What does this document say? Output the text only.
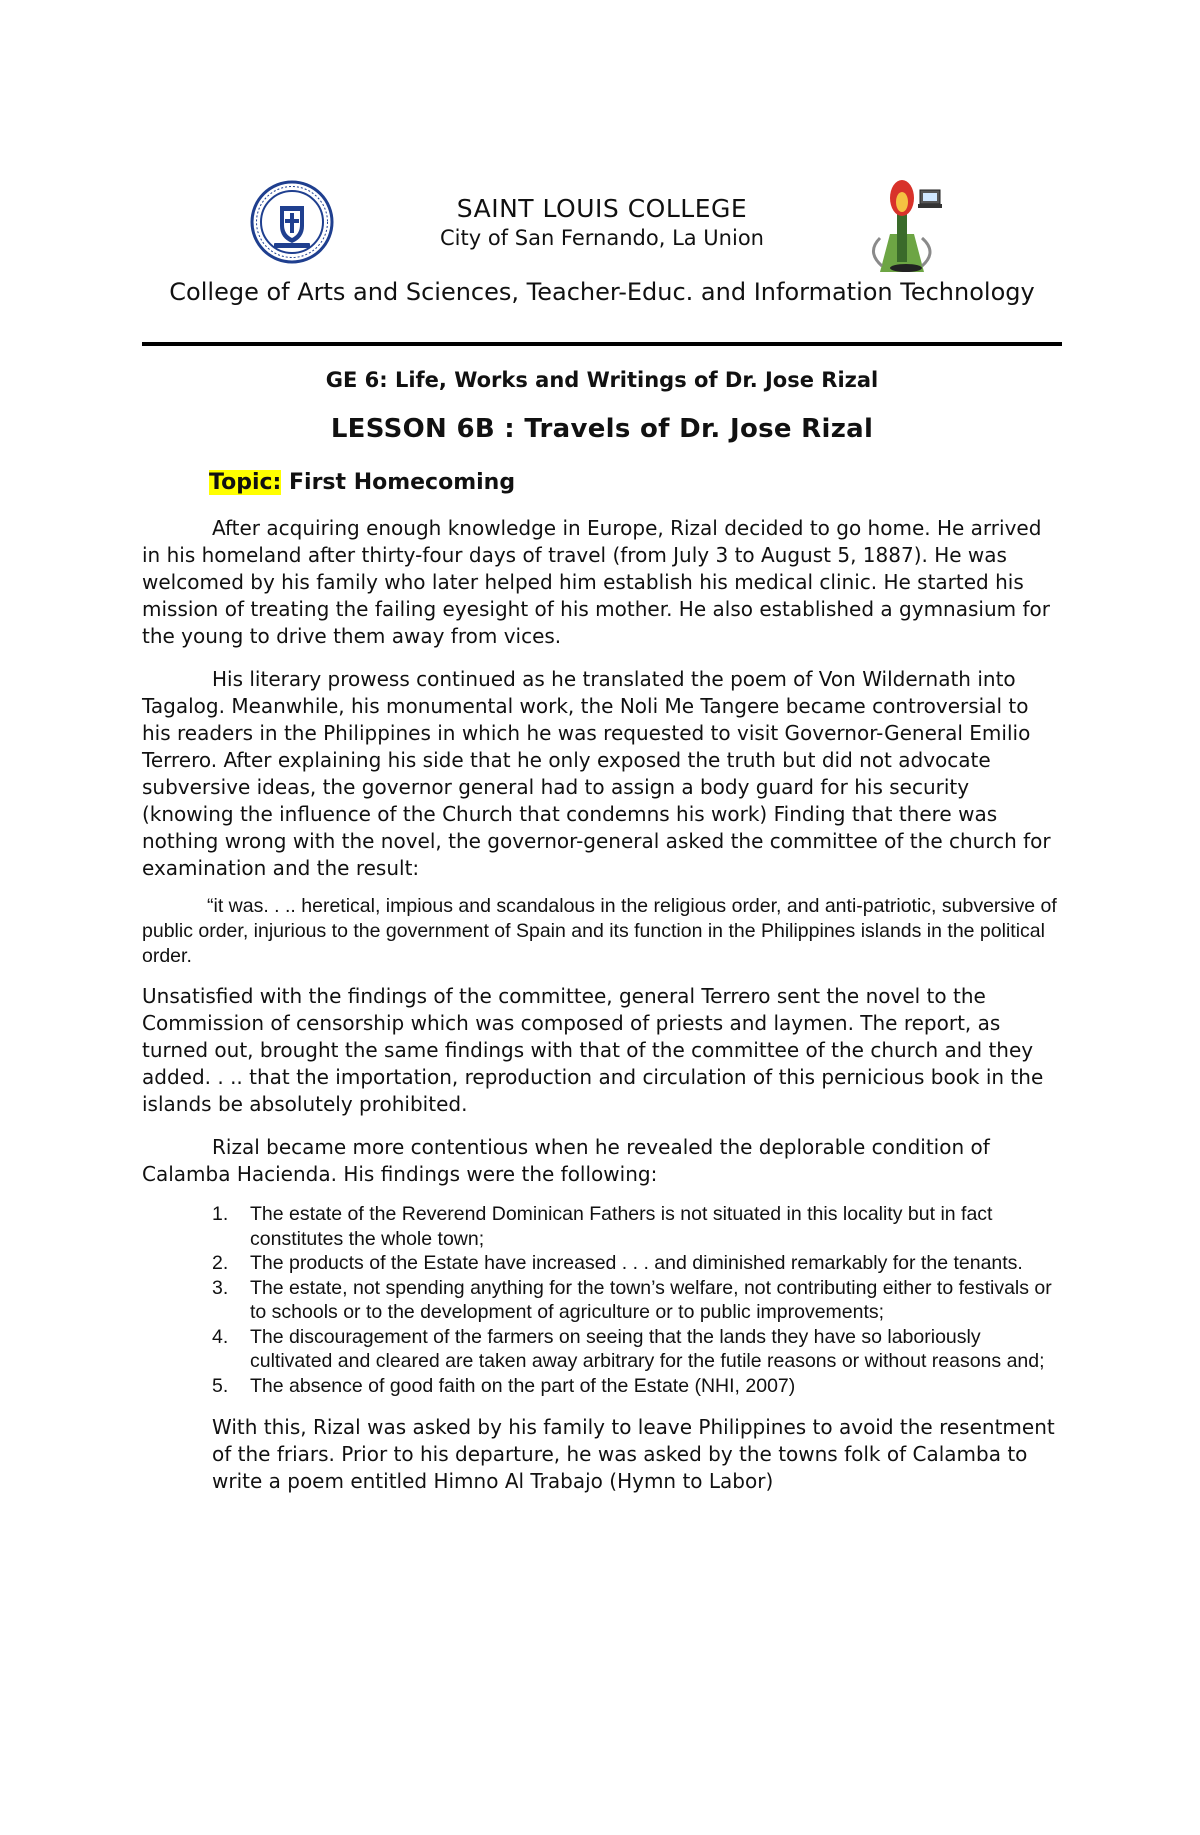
SAINT LOUIS COLLEGE
City of San Fernando, La Union
College of Arts and Sciences, Teacher-Educ. and Information Technology
GE 6: Life, Works and Writings of Dr. Jose Rizal
LESSON 6B : Travels of Dr. Jose Rizal
Topic: First Homecoming

After acquiring enough knowledge in Europe, Rizal decided to go home. He arrived in his homeland after thirty-four days of travel (from July 3 to August 5, 1887). He was welcomed by his family who later helped him establish his medical clinic. He started his mission of treating the failing eyesight of his mother. He also established a gymnasium for the young to drive them away from vices.

His literary prowess continued as he translated the poem of Von Wildernath into Tagalog. Meanwhile, his monumental work, the Noli Me Tangere became controversial to his readers in the Philippines in which he was requested to visit Governor-General Emilio Terrero. After explaining his side that he only exposed the truth but did not advocate subversive ideas, the governor general had to assign a body guard for his security (knowing the influence of the Church that condemns his work) Finding that there was nothing wrong with the novel, the governor-general asked the committee of the church for examination and the result:

“it was. . .. heretical, impious and scandalous in the religious order, and anti-patriotic, subversive of public order, injurious to the government of Spain and its function in the Philippines islands in the political order.

Unsatisfied with the findings of the committee, general Terrero sent the novel to the Commission of censorship which was composed of priests and laymen. The report, as turned out, brought the same findings with that of the committee of the church and they added. . .. that the importation, reproduction and circulation of this pernicious book in the islands be absolutely prohibited.

Rizal became more contentious when he revealed the deplorable condition of Calamba Hacienda. His findings were the following:

1. The estate of the Reverend Dominican Fathers is not situated in this locality but in fact constitutes the whole town;
2. The products of the Estate have increased . . . and diminished remarkably for the tenants.
3. The estate, not spending anything for the town’s welfare, not contributing either to festivals or to schools or to the development of agriculture or to public improvements;
4. The discouragement of the farmers on seeing that the lands they have so laboriously cultivated and cleared are taken away arbitrary for the futile reasons or without reasons and;
5. The absence of good faith on the part of the Estate (NHI, 2007)

With this, Rizal was asked by his family to leave Philippines to avoid the resentment of the friars. Prior to his departure, he was asked by the towns folk of Calamba to write a poem entitled Himno Al Trabajo (Hymn to Labor)
